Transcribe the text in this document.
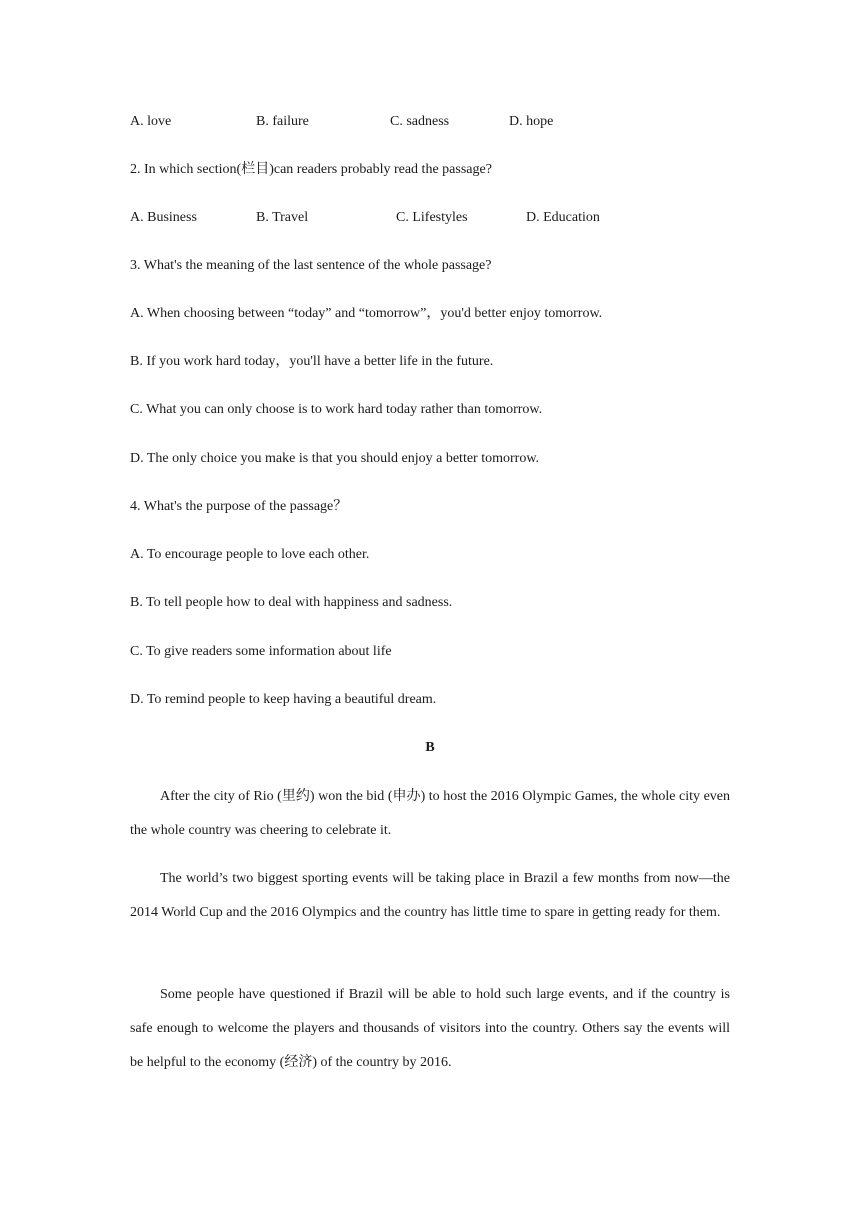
A. love	B. failure	C. sadness	D. hope
2. In which section(栏目)can readers probably read the passage?
A. Business	B. Travel	C. Lifestyles	D. Education
3. What's the meaning of the last sentence of the whole passage?
A. When choosing between “today” and “tomorrow”，you'd better enjoy tomorrow.
B. If you work hard today，you'll have a better life in the future.
C. What you can only choose is to work hard today rather than tomorrow.
D. The only choice you make is that you should enjoy a better tomorrow.
4. What's the purpose of the passage？
A. To encourage people to love each other.
B. To tell people how to deal with happiness and sadness.
C. To give readers some information about life
D. To remind people to keep having a beautiful dream.
B
After the city of Rio (里约) won the bid (申办) to host the 2016 Olympic Games, the whole city even the whole country was cheering to celebrate it.
The world’s two biggest sporting events will be taking place in Brazil a few months from now—the 2014 World Cup and the 2016 Olympics and the country has little time to spare in getting ready for them.
Some people have questioned if Brazil will be able to hold such large events, and if the country is safe enough to welcome the players and thousands of visitors into the country. Others say the events will be helpful to the economy (经济) of the country by 2016.
